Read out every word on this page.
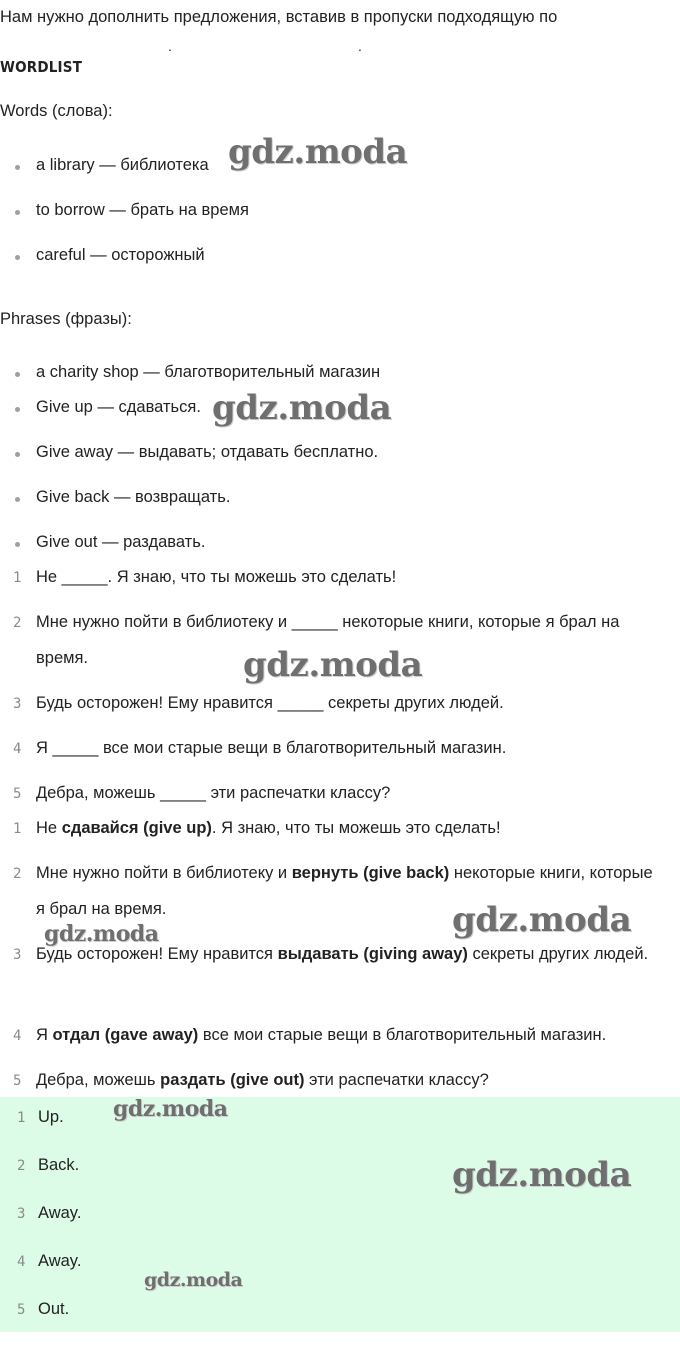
Нам нужно дополнить предложения, вставив в пропуски подходящую по
.	.
WORDLIST
Words (слова):
a library — библиотека
to borrow — брать на время
careful — осторожный
Phrases (фразы):
a charity shop — благотворительный магазин
Give up — сдаваться.
Give away — выдавать; отдавать бесплатно.
Give back — возвращать.
Give out — раздавать.
1 Не _____. Я знаю, что ты можешь это сделать!
2 Мне нужно пойти в библиотеку и _____ некоторые книги, которые я брал на время.
3 Будь осторожен! Ему нравится _____ секреты других людей.
4 Я _____ все мои старые вещи в благотворительный магазин.
5 Дебра, можешь _____ эти распечатки классу?
1 Не сдавайся (give up). Я знаю, что ты можешь это сделать!
2 Мне нужно пойти в библиотеку и вернуть (give back) некоторые книги, которые я брал на время.
3 Будь осторожен! Ему нравится выдавать (giving away) секреты других людей.
4 Я отдал (gave away) все мои старые вещи в благотворительный магазин.
5 Дебра, можешь раздать (give out) эти распечатки классу?
1 Up.
2 Back.
3 Away.
4 Away.
5 Out.
gdz.moda
gdz.moda
gdz.moda
gdz.moda
gdz.moda
gdz.moda
gdz.moda
gdz.moda
